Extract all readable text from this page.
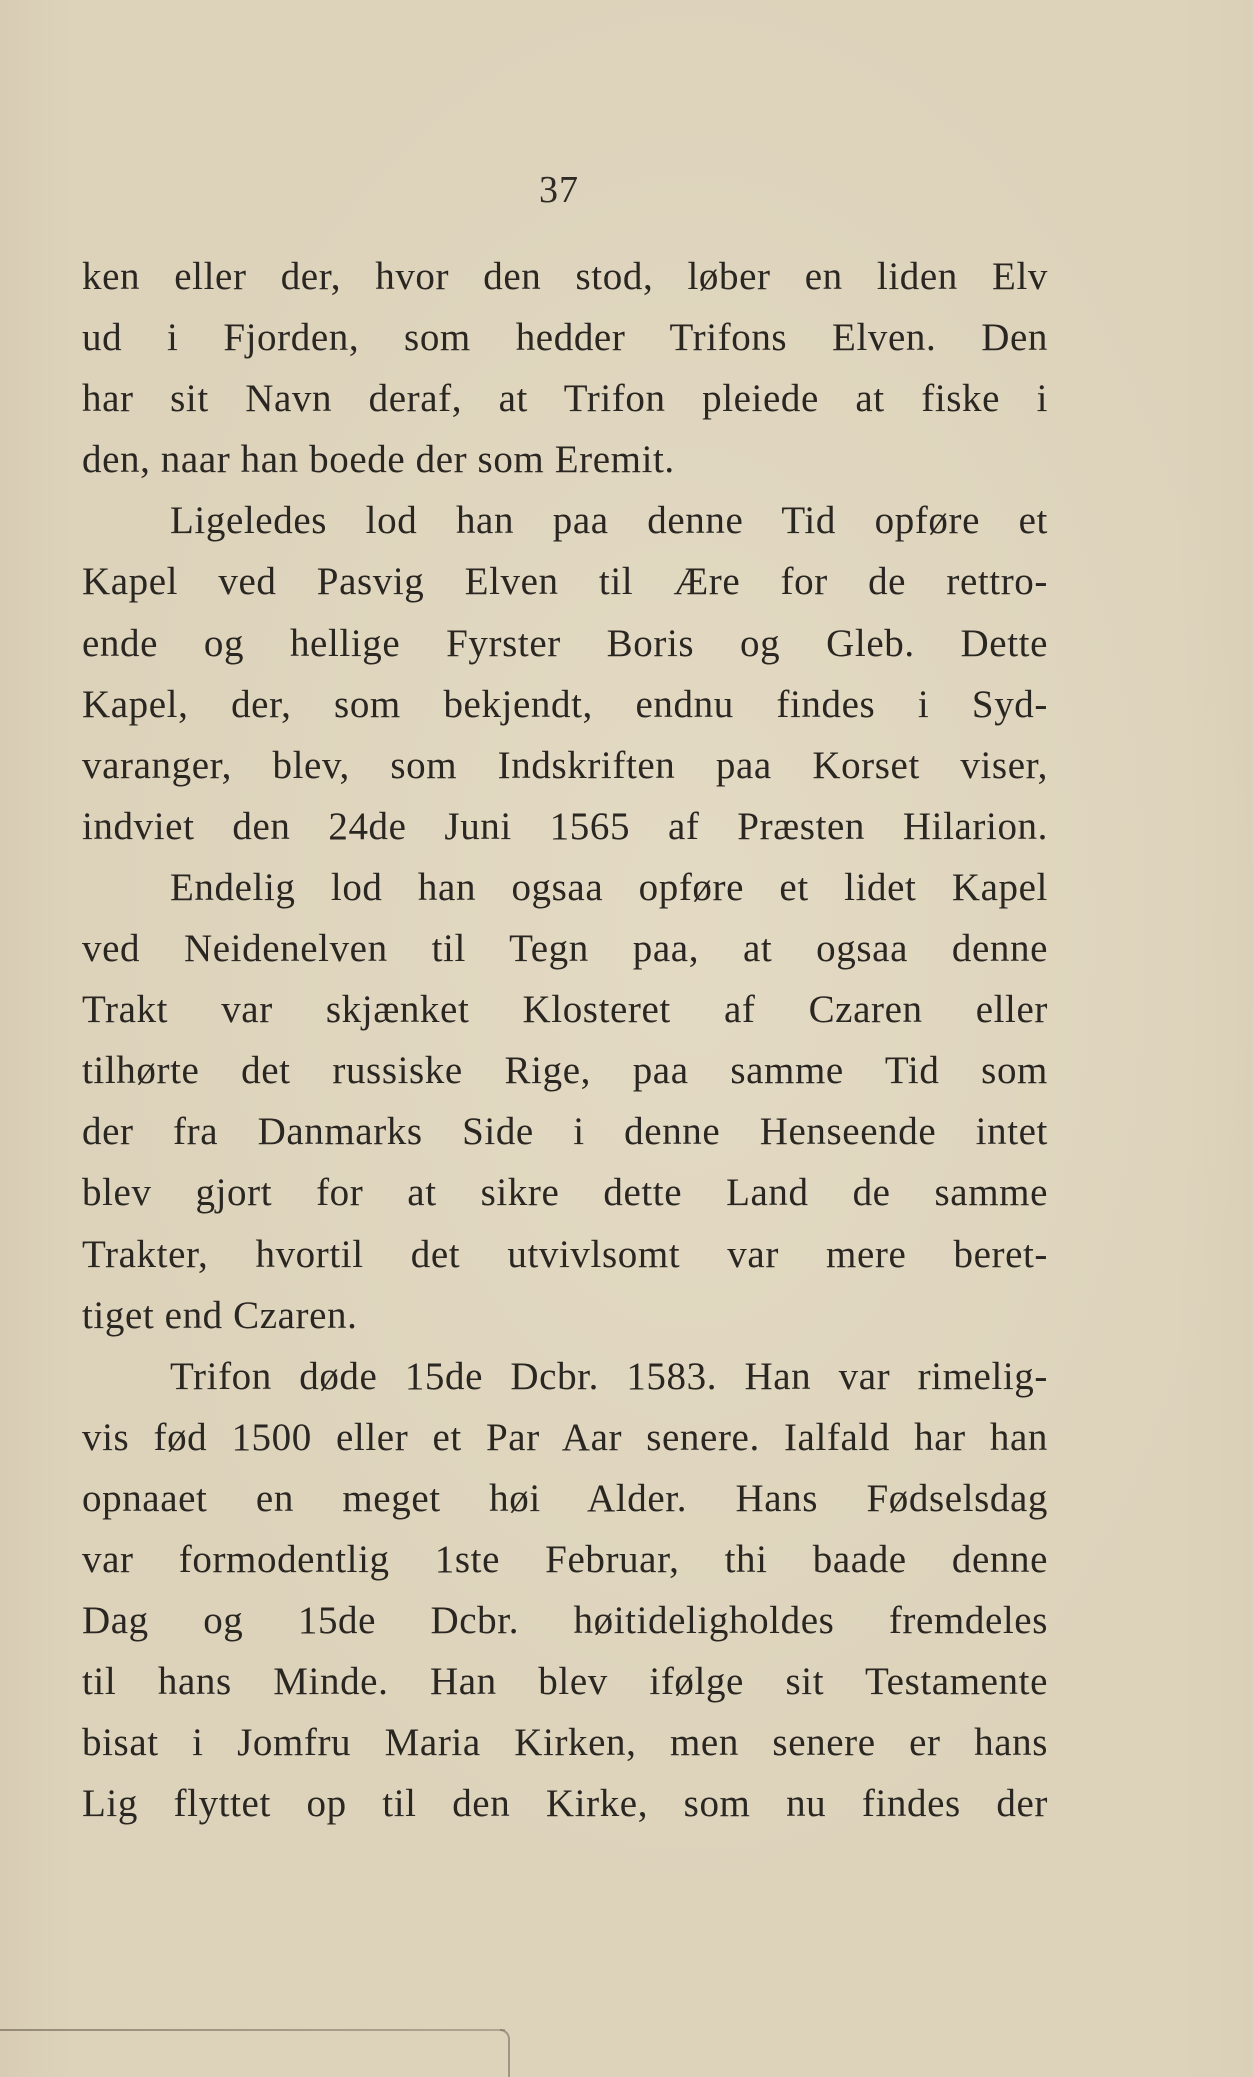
37
ken eller der, hvor den stod, løber en liden Elv
ud i Fjorden, som hedder Trifons Elven. Den
har sit Navn deraf, at Trifon pleiede at fiske i
den, naar han boede der som Eremit.
Ligeledes lod han paa denne Tid opføre et
Kapel ved Pasvig Elven til Ære for de rettro-
ende og hellige Fyrster Boris og Gleb. Dette
Kapel, der, som bekjendt, endnu findes i Syd-
varanger, blev, som Indskriften paa Korset viser,
indviet den 24de Juni 1565 af Præsten Hilarion.
Endelig lod han ogsaa opføre et lidet Kapel
ved Neidenelven til Tegn paa, at ogsaa denne
Trakt var skjænket Klosteret af Czaren eller
tilhørte det russiske Rige, paa samme Tid som
der fra Danmarks Side i denne Henseende intet
blev gjort for at sikre dette Land de samme
Trakter, hvortil det utvivlsomt var mere beret-
tiget end Czaren.
Trifon døde 15de Dcbr. 1583. Han var rimelig-
vis fød 1500 eller et Par Aar senere. Ialfald har han
opnaaet en meget høi Alder. Hans Fødselsdag
var formodentlig 1ste Februar, thi baade denne
Dag og 15de Dcbr. høitideligholdes fremdeles
til hans Minde. Han blev ifølge sit Testamente
bisat i Jomfru Maria Kirken, men senere er hans
Lig flyttet op til den Kirke, som nu findes der
